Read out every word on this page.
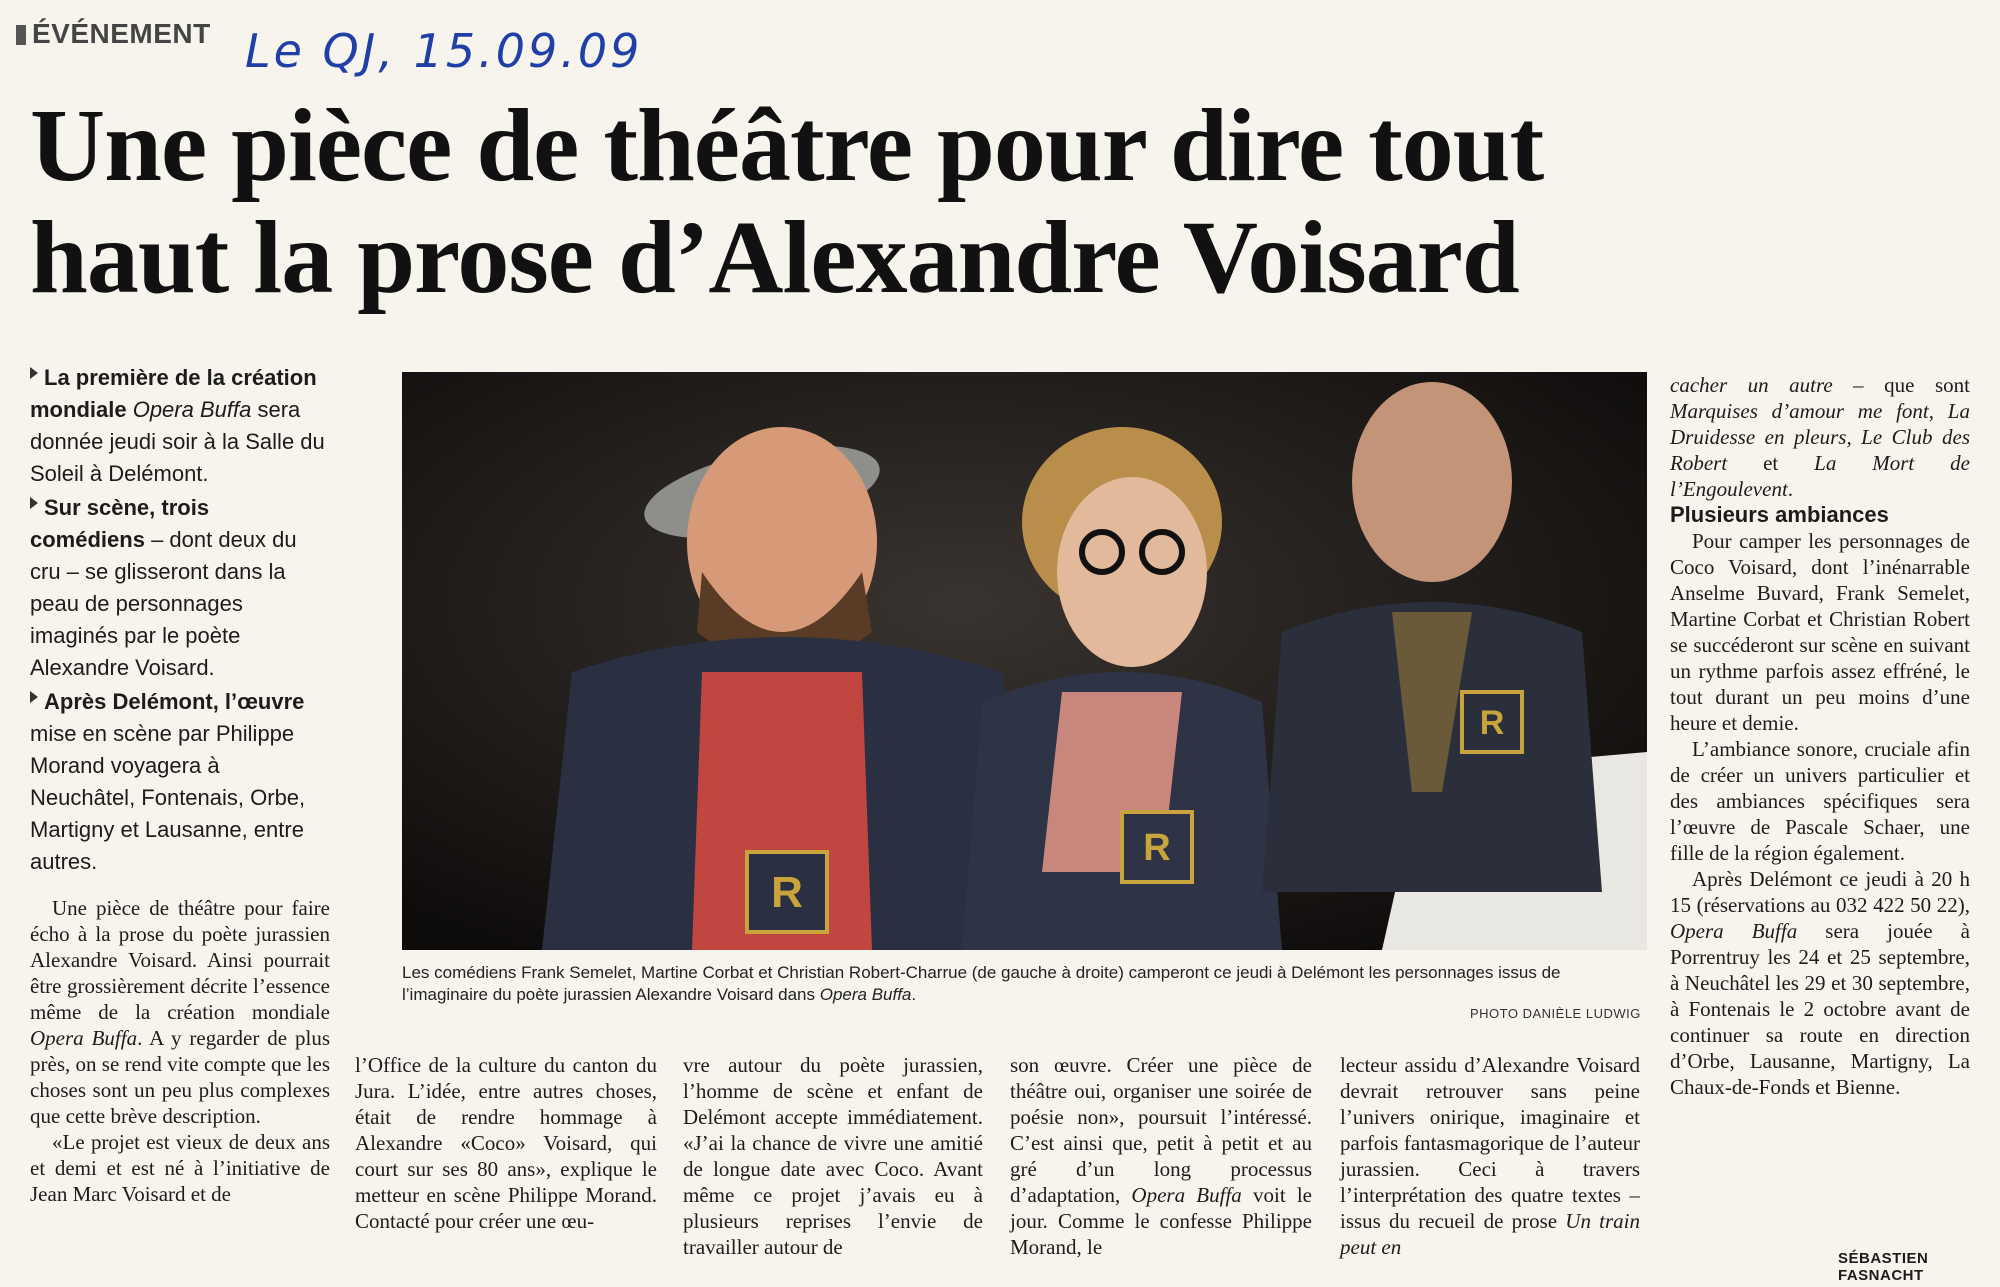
ÉVÉNEMENT Le QJ, 15.09.09
Une pièce de théâtre pour dire tout haut la prose d’Alexandre Voisard
La première de la création mondiale Opera Buffa sera donnée jeudi soir à la Salle du Soleil à Delémont.
Sur scène, trois comédiens – dont deux du cru – se glisseront dans la peau de personnages imaginés par le poète Alexandre Voisard.
Après Delémont, l’œuvre mise en scène par Philippe Morand voyagera à Neuchâtel, Fontenais, Orbe, Martigny et Lausanne, entre autres.

Une pièce de théâtre pour faire écho à la prose du poète jurassien Alexandre Voisard. Ainsi pourrait être grossièrement décrite l’essence même de la création mondiale Opera Buffa. A y regarder de plus près, on se rend vite compte que les choses sont un peu plus complexes que cette brève description.

«Le projet est vieux de deux ans et demi et est né à l’initiative de Jean Marc Voisard et de

l’Office de la culture du canton du Jura. L’idée, entre autres choses, était de rendre hommage à Alexandre «Coco» Voisard, qui court sur ses 80 ans», explique le metteur en scène Philippe Morand. Contacté pour créer une œu-

vre autour du poète jurassien, l’homme de scène et enfant de Delémont accepte immédiatement. «J’ai la chance de vivre une amitié de longue date avec Coco. Avant même ce projet j’avais eu à plusieurs reprises l’envie de travailler autour de

son œuvre. Créer une pièce de théâtre oui, organiser une soirée de poésie non», poursuit l’intéressé. C’est ainsi que, petit à petit et au gré d’un long processus d’adaptation, Opera Buffa voit le jour. Comme le confesse Philippe Morand, le

lecteur assidu d’Alexandre Voisard devrait retrouver sans peine l’univers onirique, imaginaire et parfois fantasmagorique de l’auteur jurassien. Ceci à travers l’interprétation des quatre textes – issus du recueil de prose Un train peut en

cacher un autre – que sont Marquises d’amour me font, La Druidesse en pleurs, Le Club des Robert et La Mort de l’Engoulevent.

Plusieurs ambiances

Pour camper les personnages de Coco Voisard, dont l’inénarrable Anselme Buvard, Frank Semelet, Martine Corbat et Christian Robert se succéderont sur scène en suivant un rythme parfois assez effréné, le tout durant un peu moins d’une heure et demie.

L’ambiance sonore, cruciale afin de créer un univers particulier et des ambiances spécifiques sera l’œuvre de Pascale Schaer, une fille de la région également.

Après Delémont ce jeudi à 20 h 15 (réservations au 032 422 50 22), Opera Buffa sera jouée à Porrentruy les 24 et 25 septembre, à Neuchâtel les 29 et 30 septembre, à Fontenais le 2 octobre avant de continuer sa route en direction d’Orbe, Lausanne, Martigny, La Chaux-de-Fonds et Bienne.

R
R
R
Les comédiens Frank Semelet, Martine Corbat et Christian Robert-Charrue (de gauche à droite) camperont ce jeudi à Delémont les personnages issus de l’imaginaire du poète jurassien Alexandre Voisard dans Opera Buffa.
PHOTO DANIÈLE LUDWIG
SÉBASTIEN FASNACHT
